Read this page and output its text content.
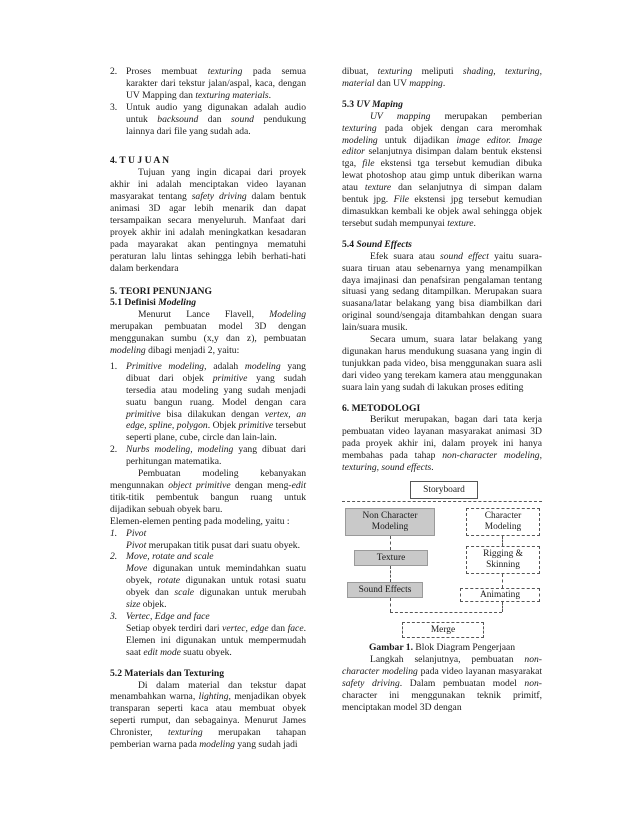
2. Proses membuat texturing pada semua karakter dari tekstur jalan/aspal, kaca, dengan UV Mapping dan texturing materials.
3. Untuk audio yang digunakan adalah audio untuk backsound dan sound pendukung lainnya dari file yang sudah ada.

4. T U J U A N

Tujuan yang ingin dicapai dari proyek akhir ini adalah menciptakan video layanan masyarakat tentang safety driving dalam bentuk animasi 3D agar lebih menarik dan dapat tersampaikan secara menyeluruh. Manfaat dari proyek akhir ini adalah meningkatkan kesadaran pada mayarakat akan pentingnya mematuhi peraturan lalu lintas sehingga lebih berhati-hati dalam berkendara

5. TEORI PENUNJANG

5.1 Definisi Modeling

Menurut Lance Flavell, Modeling merupakan pembuatan model 3D dengan menggunakan sumbu (x,y dan z), pembuatan modeling dibagi menjadi 2, yaitu:

1. Primitive modeling, adalah modeling yang dibuat dari objek primitive yang sudah tersedia atau modeling yang sudah menjadi suatu bangun ruang. Model dengan cara primitive bisa dilakukan dengan vertex, an edge, spline, polygon. Objek primitive tersebut seperti plane, cube, circle dan lain-lain.
2. Nurbs modeling, modeling yang dibuat dari perhitungan matematika.

Pembuatan modeling kebanyakan mengunnakan object primitive dengan meng-edit titik-titik pembentuk bangun ruang untuk dijadikan sebuah obyek baru.

Elemen-elemen penting pada modeling, yaitu :

1. Pivot
Pivot merupakan titik pusat dari suatu obyek.
2. Move, rotate and scale
Move digunakan untuk memindahkan suatu obyek, rotate digunakan untuk rotasi suatu obyek dan scale digunakan untuk merubah size objek.
3. Vertec, Edge and face
Setiap obyek terdiri dari vertec, edge dan face. Elemen ini digunakan untuk mempermudah saat edit mode suatu obyek.

5.2 Materials dan Texturing

Di dalam material dan tekstur dapat menambahkan warna, lighting, menjadikan obyek transparan seperti kaca atau membuat obyek seperti rumput, dan sebagainya. Menurut James Chronister, texturing merupakan tahapan pemberian warna pada modeling yang sudah jadi

dibuat, texturing meliputi shading, texturing, material dan UV mapping.

5.3 UV Maping

UV mapping merupakan pemberian texturing pada objek dengan cara meromhak modeling untuk dijadikan image editor. Image editor selanjutnya disimpan dalam bentuk ekstensi tga, file ekstensi tga tersebut kemudian dibuka lewat photoshop atau gimp untuk diberikan warna atau texture dan selanjutnya di simpan dalam bentuk jpg. File ekstensi jpg tersebut kemudian dimasukkan kembali ke objek awal sehingga objek tersebut sudah mempunyai texture.

5.4 Sound Effects

Efek suara atau sound effect yaitu suara-suara tiruan atau sebenarnya yang menampilkan daya imajinasi dan penafsiran pengalaman tentang situasi yang sedang ditampilkan. Merupakan suara suasana/latar belakang yang bisa diambilkan dari original sound/sengaja ditambahkan dengan suara lain/suara musik.

Secara umum, suara latar belakang yang digunakan harus mendukung suasana yang ingin di tunjukkan pada video, bisa menggunakan suara asli dari video yang terekam kamera atau menggunakan suara lain yang sudah di lakukan proses editing

6. METODOLOGI

Berikut merupakan, bagan dari tata kerja pembuatan video layanan masyarakat animasi 3D pada proyek akhir ini, dalam proyek ini hanya membahas pada tahap non-character modeling, texturing, sound effects.

Storyboard
Non Character Modeling
Character Modeling
Texture	Rigging & Skinning
Sound Effects	Animating
Merge

Gambar 1. Blok Diagram Pengerjaan

Langkah selanjutnya, pembuatan non-character modeling pada video layanan masyarakat safety driving. Dalam pembuatan model non-character ini menggunakan teknik primitf, menciptakan model 3D dengan
